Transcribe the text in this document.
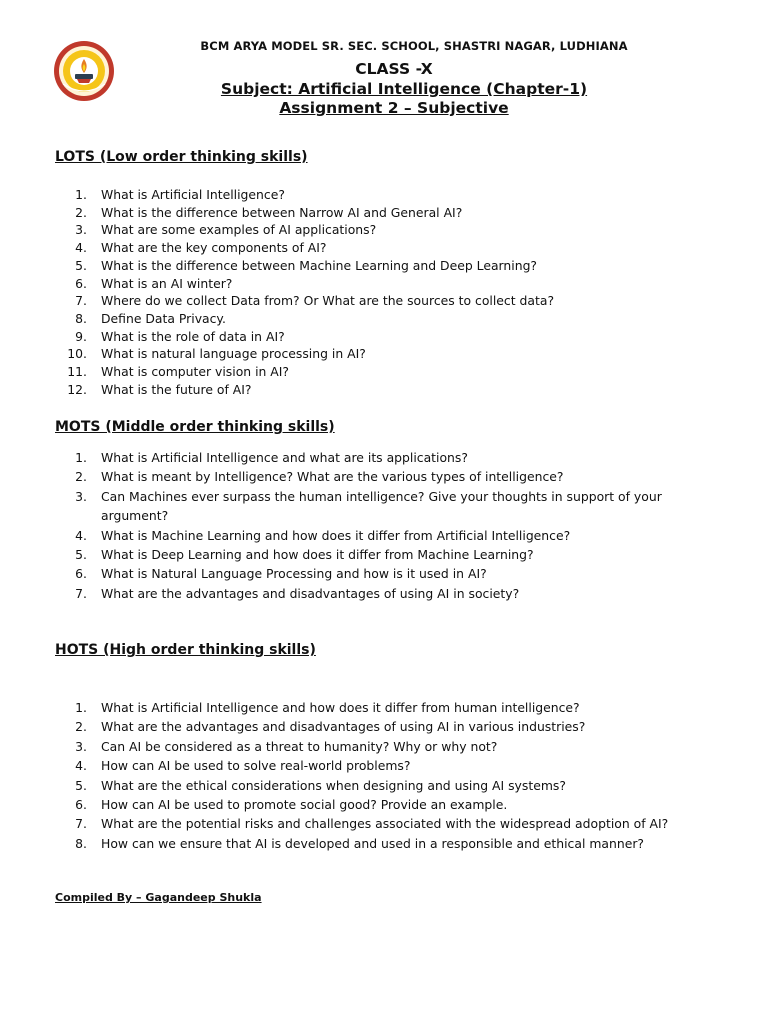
BCM ARYA MODEL SR. SEC. SCHOOL, SHASTRI NAGAR, LUDHIANA
CLASS -X
Subject: Artificial Intelligence (Chapter-1)
Assignment 2 – Subjective
LOTS (Low order thinking skills)
1. What is Artificial Intelligence?
2. What is the difference between Narrow AI and General AI?
3. What are some examples of AI applications?
4. What are the key components of AI?
5. What is the difference between Machine Learning and Deep Learning?
6. What is an AI winter?
7. Where do we collect Data from? Or What are the sources to collect data?
8. Define Data Privacy.
9. What is the role of data in AI?
10. What is natural language processing in AI?
11. What is computer vision in AI?
12. What is the future of AI?
MOTS (Middle order thinking skills)
1. What is Artificial Intelligence and what are its applications?
2. What is meant by Intelligence? What are the various types of intelligence?
3. Can Machines ever surpass the human intelligence? Give your thoughts in support of your argument?
4. What is Machine Learning and how does it differ from Artificial Intelligence?
5. What is Deep Learning and how does it differ from Machine Learning?
6. What is Natural Language Processing and how is it used in AI?
7. What are the advantages and disadvantages of using AI in society?
HOTS (High order thinking skills)
1. What is Artificial Intelligence and how does it differ from human intelligence?
2. What are the advantages and disadvantages of using AI in various industries?
3. Can AI be considered as a threat to humanity? Why or why not?
4. How can AI be used to solve real-world problems?
5. What are the ethical considerations when designing and using AI systems?
6. How can AI be used to promote social good? Provide an example.
7. What are the potential risks and challenges associated with the widespread adoption of AI?
8. How can we ensure that AI is developed and used in a responsible and ethical manner?
Compiled By – Gagandeep Shukla
